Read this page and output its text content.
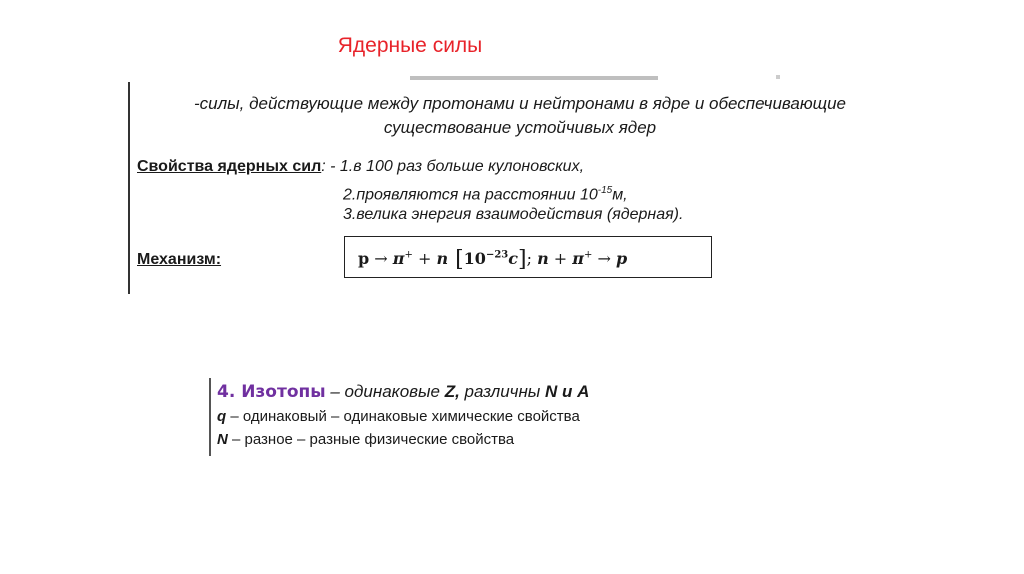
Ядерные силы
-силы, действующие между протонами и нейтронами в ядре и обеспечивающие
существование устойчивых ядер
Свойства ядерных сил: - 1.в 100 раз больше кулоновских,
2.проявляются на расстоянии $10^{-15}м$,
3.велика энергия взаимодействия (ядерная).
Механизм:	p → π+ + n $[10^{-23}c]$; n + π+ → p
4. Изотопы – одинаковые Z, различны N и A
q – одинаковый – одинаковые химические свойства
N – разное – разные физические свойства
